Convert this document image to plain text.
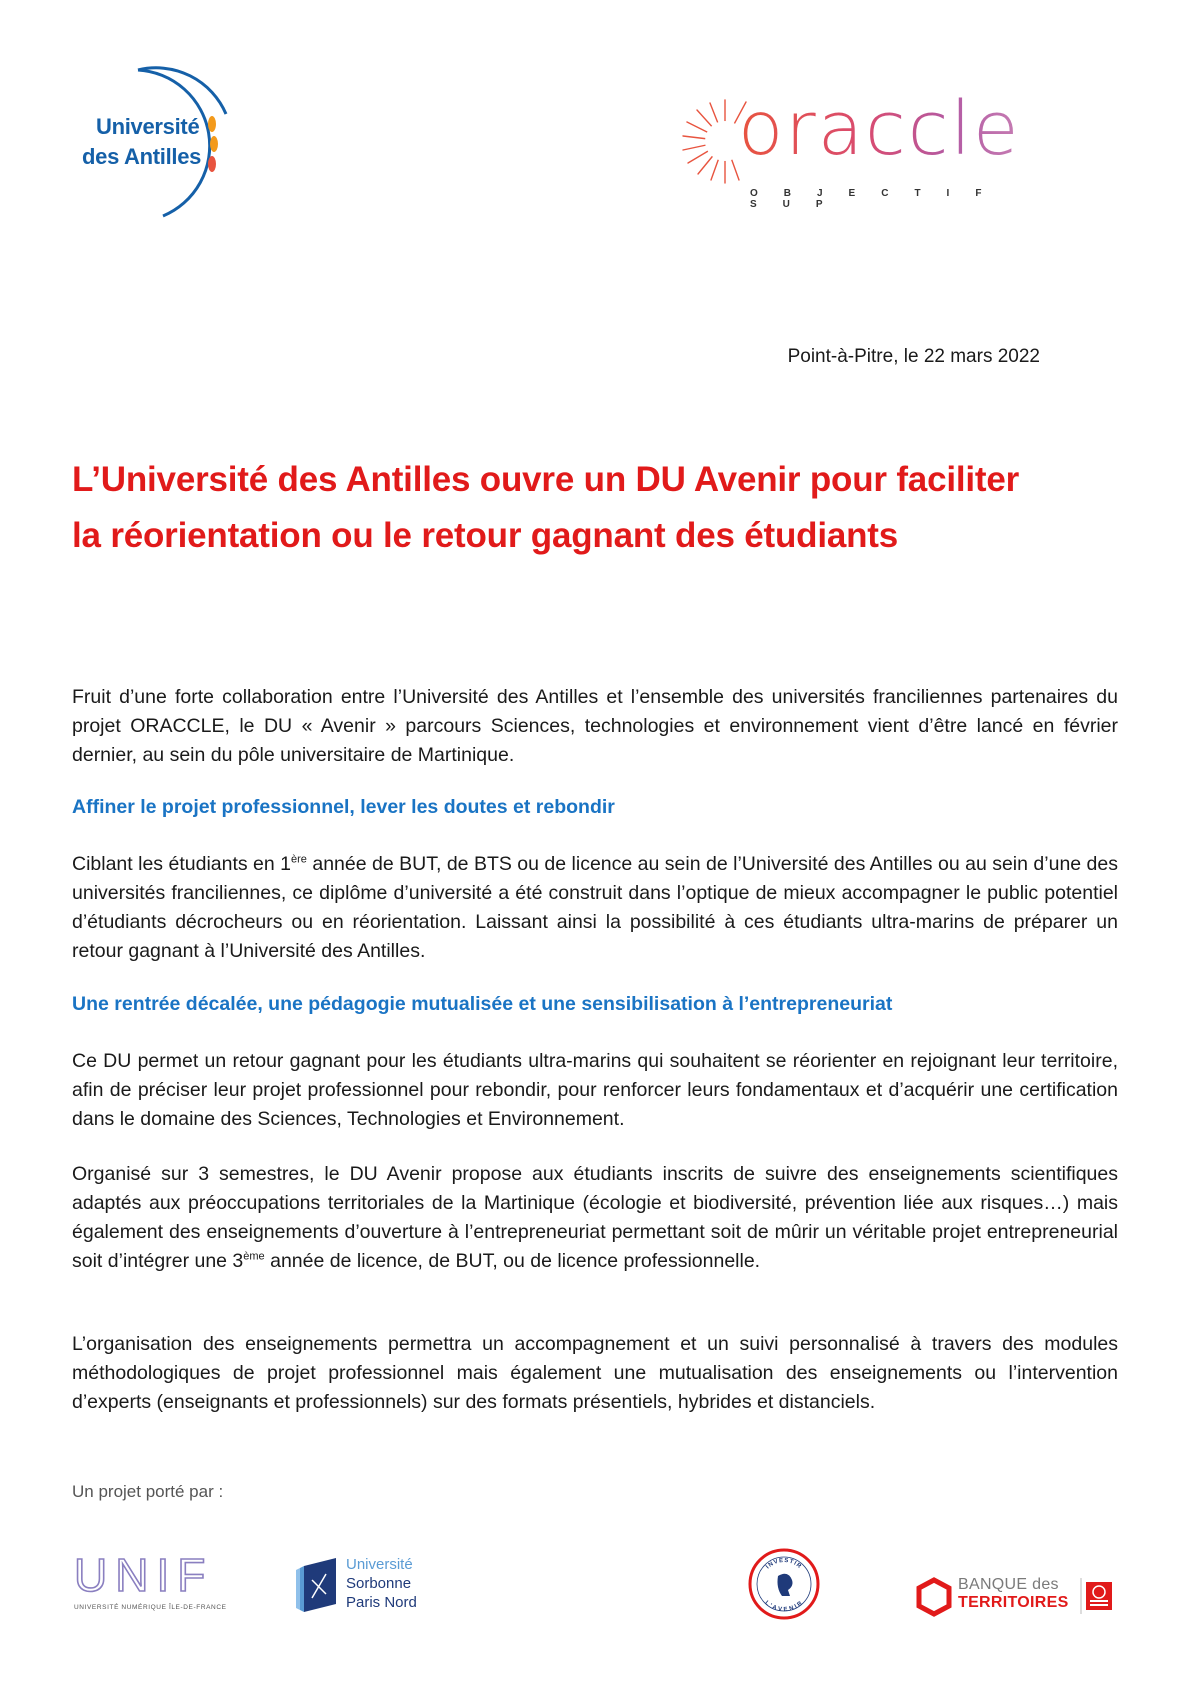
Université
des Antilles	oraccle
OBJECTIF SUP
Point-à-Pitre, le 22 mars 2022
L’Université des Antilles ouvre un DU Avenir pour faciliter la réorientation ou le retour gagnant des étudiants

Fruit d’une forte collaboration entre l’Université des Antilles et l’ensemble des universités franciliennes partenaires du projet ORACCLE, le DU « Avenir » parcours Sciences, technologies et environnement vient d’être lancé en février dernier, au sein du pôle universitaire de Martinique.

Affiner le projet professionnel, lever les doutes et rebondir

Ciblant les étudiants en 1ère année de BUT, de BTS ou de licence au sein de l’Université des Antilles ou au sein d’une des universités franciliennes, ce diplôme d’université a été construit dans l’optique de mieux accompagner le public potentiel d’étudiants décrocheurs ou en réorientation. Laissant ainsi la possibilité à ces étudiants ultra-marins de préparer un retour gagnant à l’Université des Antilles.

Une rentrée décalée, une pédagogie mutualisée et une sensibilisation à l’entrepreneuriat

Ce DU permet un retour gagnant pour les étudiants ultra-marins qui souhaitent se réorienter en rejoignant leur territoire, afin de préciser leur projet professionnel pour rebondir, pour renforcer leurs fondamentaux et d’acquérir une certification dans le domaine des Sciences, Technologies et Environnement.

Organisé sur 3 semestres, le DU Avenir propose aux étudiants inscrits de suivre des enseignements scientifiques adaptés aux préoccupations territoriales de la Martinique (écologie et biodiversité, prévention liée aux risques…) mais également des enseignements d’ouverture à l’entrepreneuriat permettant soit de mûrir un véritable projet entrepreneurial soit d’intégrer une 3ème année de licence, de BUT, ou de licence professionnelle.

L’organisation des enseignements permettra un accompagnement et un suivi personnalisé à travers des modules méthodologiques de projet professionnel mais également une mutualisation des enseignements ou l’intervention d’experts (enseignants et professionnels) sur des formats présentiels, hybrides et distanciels.

Un projet porté par :
UNIF
UNIVERSITÉ NUMÉRIQUE ÎLE-DE-FRANCE
Université
Sorbonne
Paris Nord
INVESTIR
L'AVENIR
BANQUE des
TERRITOIRES
